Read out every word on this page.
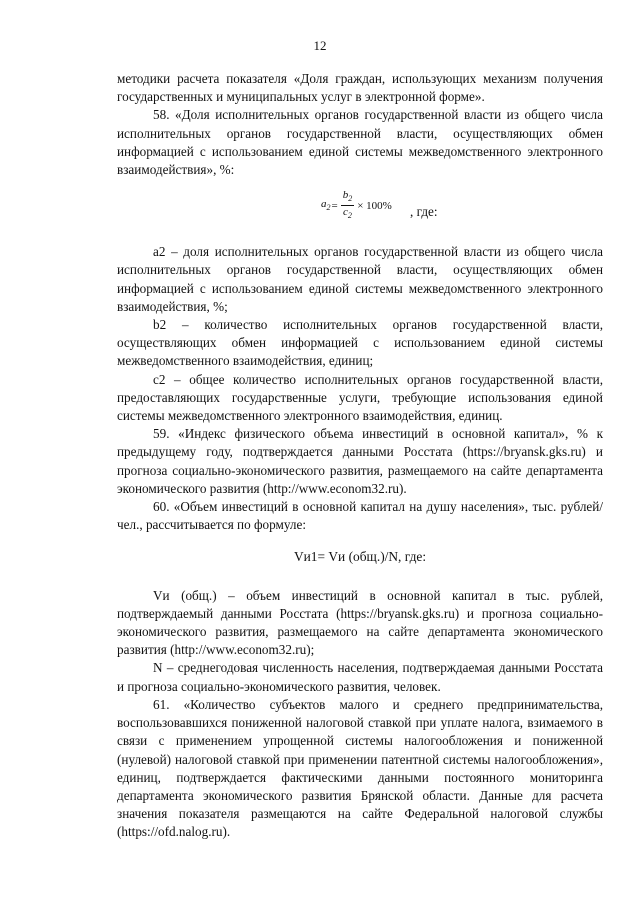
12

методики расчета показателя «Доля граждан, использующих механизм получения государственных и муниципальных услуг в электронной форме».

58. «Доля исполнительных органов государственной власти из общего числа исполнительных органов государственной власти, осуществляющих обмен информацией с использованием единой системы межведомственного электронного взаимодействия», %:

$a_2 = \frac{b_2}{c_2} \times 100\%$ , где:

a2 – доля исполнительных органов государственной власти из общего числа исполнительных органов государственной власти, осуществляющих обмен информацией с использованием единой системы межведомственного электронного взаимодействия, %;

b2 – количество исполнительных органов государственной власти, осуществляющих обмен информацией с использованием единой системы межведомственного взаимодействия, единиц;

c2 – общее количество исполнительных органов государственной власти, предоставляющих государственные услуги, требующие использования единой системы межведомственного электронного взаимодействия, единиц.

59. «Индекс физического объема инвестиций в основной капитал», % к предыдущему году, подтверждается данными Росстата (https://bryansk.gks.ru) и прогноза социально-экономического развития, размещаемого на сайте департамента экономического развития (http://www.econom32.ru).

60. «Объем инвестиций в основной капитал на душу населения», тыс. рублей/чел., рассчитывается по формуле:

Vи1= Vи (общ.)/N, где:

Vи (общ.) – объем инвестиций в основной капитал в тыс. рублей, подтверждаемый данными Росстата (https://bryansk.gks.ru) и прогноза социально-экономического развития, размещаемого на сайте департамента экономического развития (http://www.econom32.ru);

N – среднегодовая численность населения, подтверждаемая данными Росстата и прогноза социально-экономического развития, человек.

61. «Количество субъектов малого и среднего предпринимательства, воспользовавшихся пониженной налоговой ставкой при уплате налога, взимаемого в связи с применением упрощенной системы налогообложения и пониженной (нулевой) налоговой ставкой при применении патентной системы налогообложения», единиц, подтверждается фактическими данными постоянного мониторинга департамента экономического развития Брянской области. Данные для расчета значения показателя размещаются на сайте Федеральной налоговой службы (https://ofd.nalog.ru).
